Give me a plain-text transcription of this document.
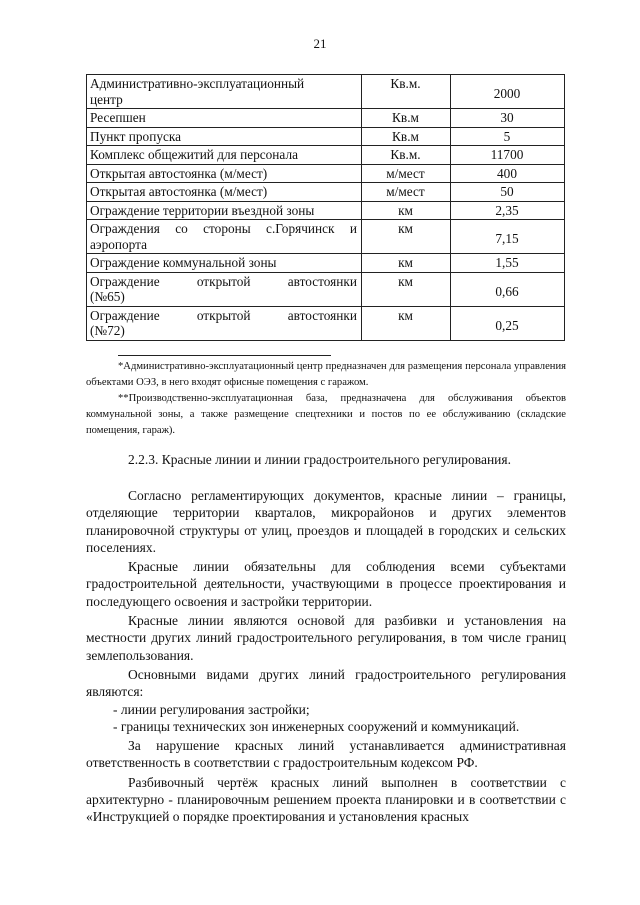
21
Административно-эксплуатационный
центр	Кв.м.	2000
Ресепшен	Кв.м	30
Пункт пропуска	Кв.м	5
Комплекс общежитий для персонала	Кв.м.	11700
Открытая автостоянка (м/мест)	м/мест	400
Открытая автостоянка (м/мест)	м/мест	50
Ограждение территории въездной зоны	км	2,35

Ограждения со стороны с.Горячинск и
аэропорта	км	7,15
Ограждение коммунальной зоны	км	1,55

Ограждение открытой автостоянки
(№65)	км	0,66

Ограждение открытой автостоянки
(№72)	км	0,25

*Административно-эксплуатационный центр предназначен для размещения персонала управления объектами ОЭЗ, в него входят офисные помещения с гаражом.

**Производственно-эксплуатационная база, предназначена для обслуживания объектов коммунальной зоны, а также размещение спецтехники и постов по ее обслуживанию (складские помещения, гараж).

2.2.3. Красные линии и линии градостроительного регулирования.

Согласно регламентирующих документов, красные линии – границы, отделяющие территории кварталов, микрорайонов и других элементов планировочной структуры от улиц, проездов и площадей в городских и сельских поселениях.

Красные линии обязательны для соблюдения всеми субъектами градостроительной деятельности, участвующими в процессе проектирования и последующего освоения и застройки территории.

Красные линии являются основой для разбивки и установления на местности других линий градостроительного регулирования, в том числе границ землепользования.

Основными видами других линий градостроительного регулирования являются:

- линии регулирования застройки;

- границы технических зон инженерных сооружений и коммуникаций.

За нарушение красных линий устанавливается административная ответственность в соответствии с градостроительным кодексом РФ.

Разбивочный чертёж красных линий выполнен в соответствии с архитектурно - планировочным решением проекта планировки и в соответствии с «Инструкцией о порядке проектирования и установления красных
